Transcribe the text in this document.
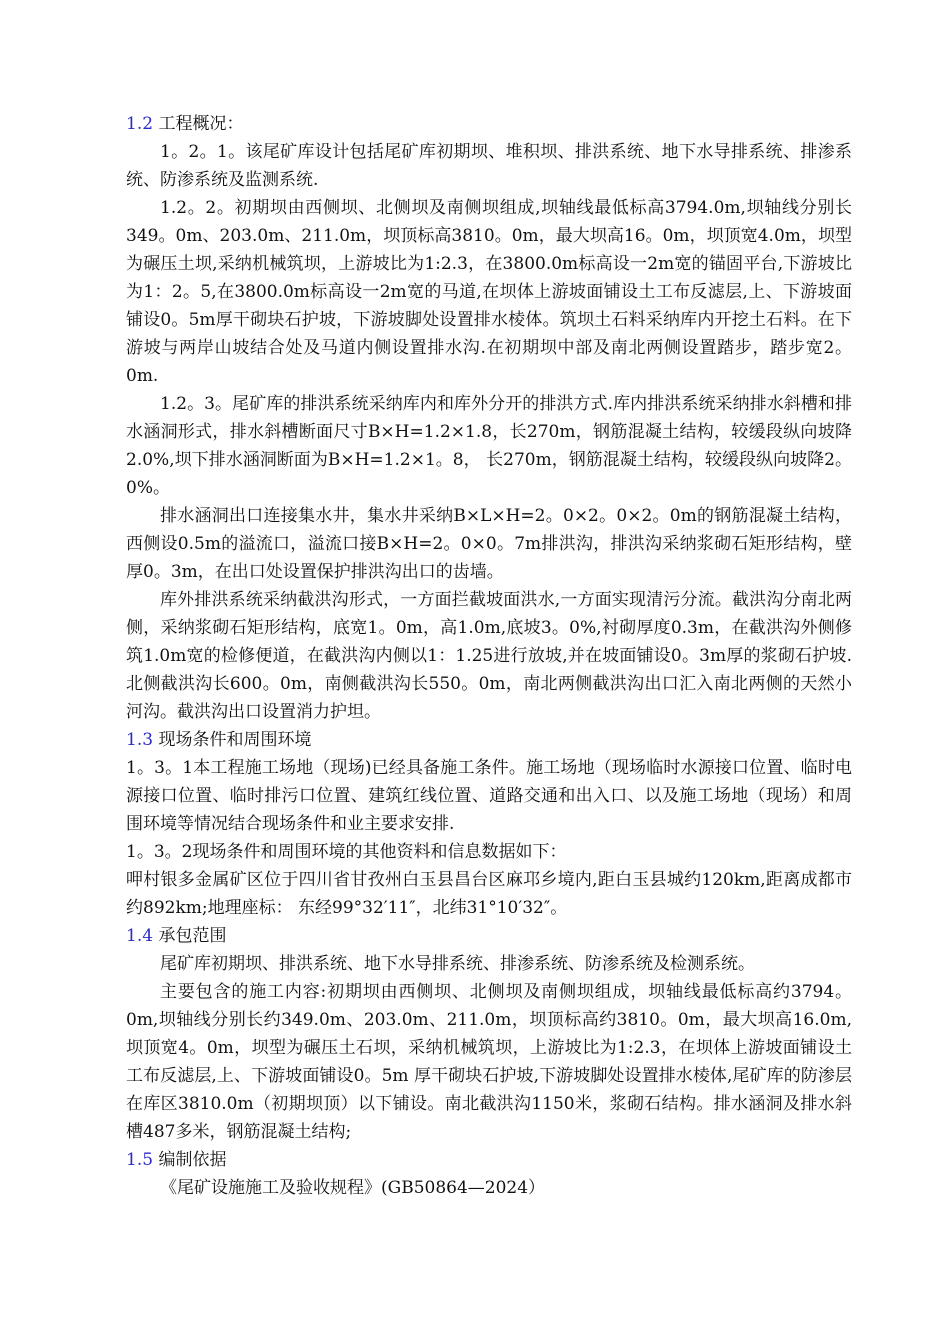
1.2 工程概况：

1。2。1。该尾矿库设计包括尾矿库初期坝、堆积坝、排洪系统、地下水导排系统、排渗系统、防渗系统及监测系统.

1.2。2。初期坝由西侧坝、北侧坝及南侧坝组成,坝轴线最低标高3794.0m,坝轴线分别长349。0m、203.0m、211.0m，坝顶标高3810。0m，最大坝高16。0m，坝顶宽4.0m，坝型为碾压土坝,采纳机械筑坝，上游坡比为1:2.3，在3800.0m标高设一2m宽的锚固平台,下游坡比为1：2。5,在3800.0m标高设一2m宽的马道,在坝体上游坡面铺设土工布反滤层,上、下游坡面铺设0。5m厚干砌块石护坡，下游坡脚处设置排水棱体。筑坝土石料采纳库内开挖土石料。在下游坡与两岸山坡结合处及马道内侧设置排水沟.在初期坝中部及南北两侧设置踏步，踏步宽2。0m.

1.2。3。尾矿库的排洪系统采纳库内和库外分开的排洪方式.库内排洪系统采纳排水斜槽和排水涵洞形式，排水斜槽断面尺寸B×H=1.2×1.8，长270m，钢筋混凝土结构，较缓段纵向坡降2.0%,坝下排水涵洞断面为B×H=1.2×1。8， 长270m，钢筋混凝土结构，较缓段纵向坡降2。0%。

排水涵洞出口连接集水井，集水井采纳B×L×H=2。0×2。0×2。0m的钢筋混凝土结构，西侧设0.5m的溢流口，溢流口接B×H=2。0×0。7m排洪沟，排洪沟采纳浆砌石矩形结构，壁厚0。3m，在出口处设置保护排洪沟出口的齿墙。

库外排洪系统采纳截洪沟形式，一方面拦截坡面洪水,一方面实现清污分流。截洪沟分南北两侧，采纳浆砌石矩形结构，底宽1。0m，高1.0m,底坡3。0%,衬砌厚度0.3m，在截洪沟外侧修筑1.0m宽的检修便道，在截洪沟内侧以1：1.25进行放坡,并在坡面铺设0。3m厚的浆砌石护坡.北侧截洪沟长600。0m，南侧截洪沟长550。0m，南北两侧截洪沟出口汇入南北两侧的天然小河沟。截洪沟出口设置消力护坦。

1.3 现场条件和周围环境

1。3。1本工程施工场地（现场)已经具备施工条件。施工场地（现场临时水源接口位置、临时电源接口位置、临时排污口位置、建筑红线位置、道路交通和出入口、以及施工场地（现场）和周围环境等情况结合现场条件和业主要求安排.

1。3。2现场条件和周围环境的其他资料和信息数据如下：

呷村银多金属矿区位于四川省甘孜州白玉县昌台区麻邛乡境内,距白玉县城约120km,距离成都市约892km;地理座标： 东经99°32′11″，北纬31°10′32″。

1.4 承包范围

尾矿库初期坝、排洪系统、地下水导排系统、排渗系统、防渗系统及检测系统。

主要包含的施工内容:初期坝由西侧坝、北侧坝及南侧坝组成，坝轴线最低标高约3794。0m,坝轴线分别长约349.0m、203.0m、211.0m，坝顶标高约3810。0m，最大坝高16.0m,坝顶宽4。0m，坝型为碾压土石坝，采纳机械筑坝，上游坡比为1:2.3，在坝体上游坡面铺设土工布反滤层,上、下游坡面铺设0。5m 厚干砌块石护坡,下游坡脚处设置排水棱体,尾矿库的防渗层在库区3810.0m（初期坝顶）以下铺设。南北截洪沟1150米，浆砌石结构。排水涵洞及排水斜槽487多米，钢筋混凝土结构;

1.5 编制依据

《尾矿设施施工及验收规程》(GB50864—2024）
